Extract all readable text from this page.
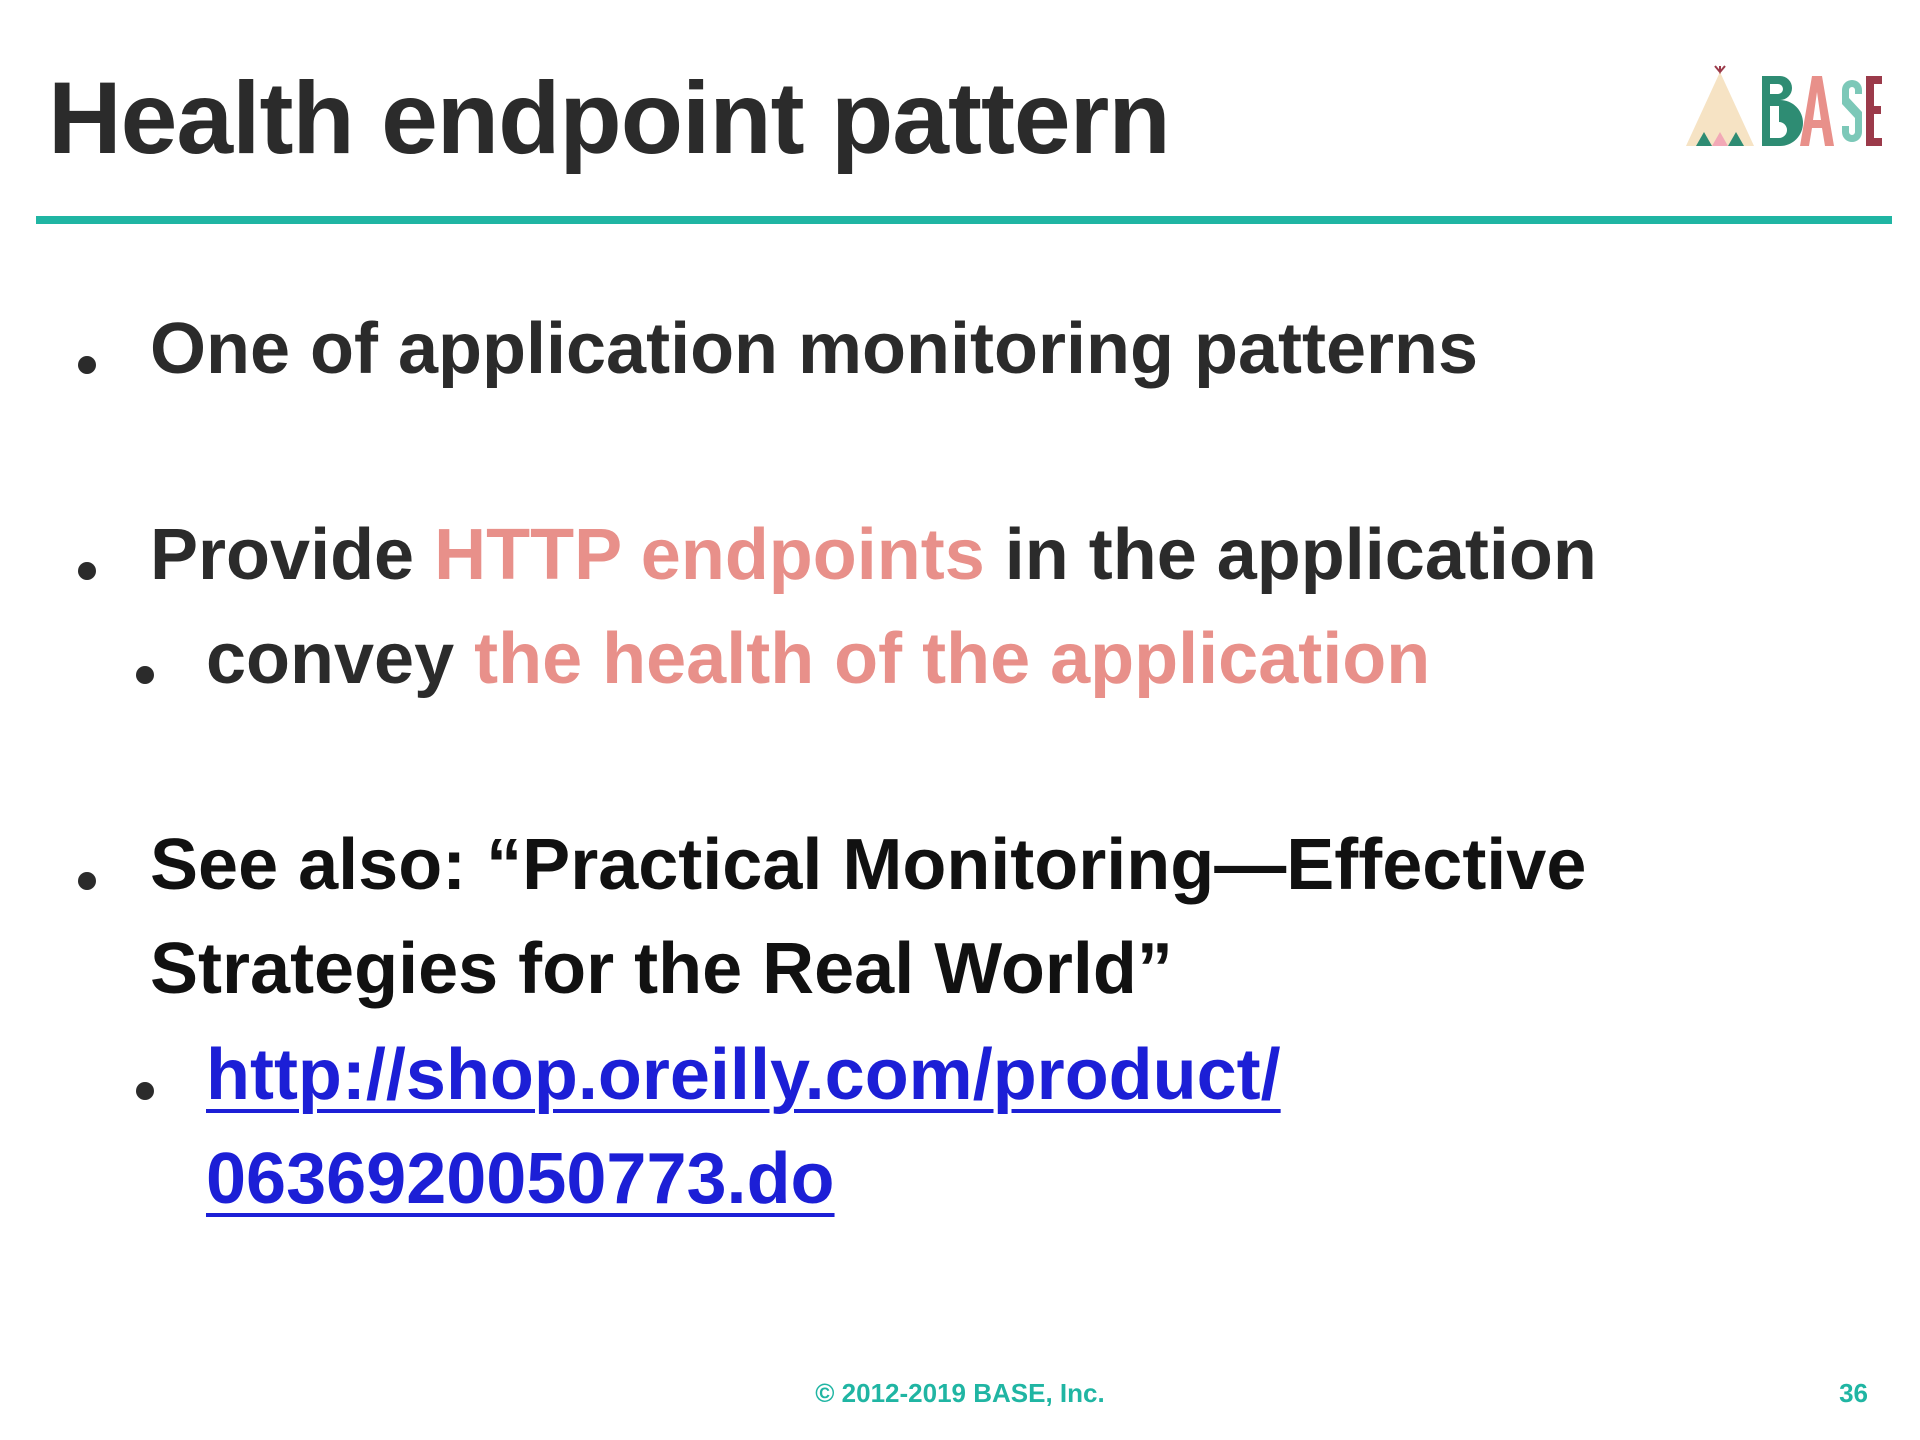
Health endpoint pattern
One of application monitoring patterns
Provide HTTP endpoints in the application
convey the health of the application
See also: “Practical Monitoring—Effective
Strategies for the Real World”
http://shop.oreilly.com/product/
0636920050773.do
© 2012-2019 BASE, Inc.	36
